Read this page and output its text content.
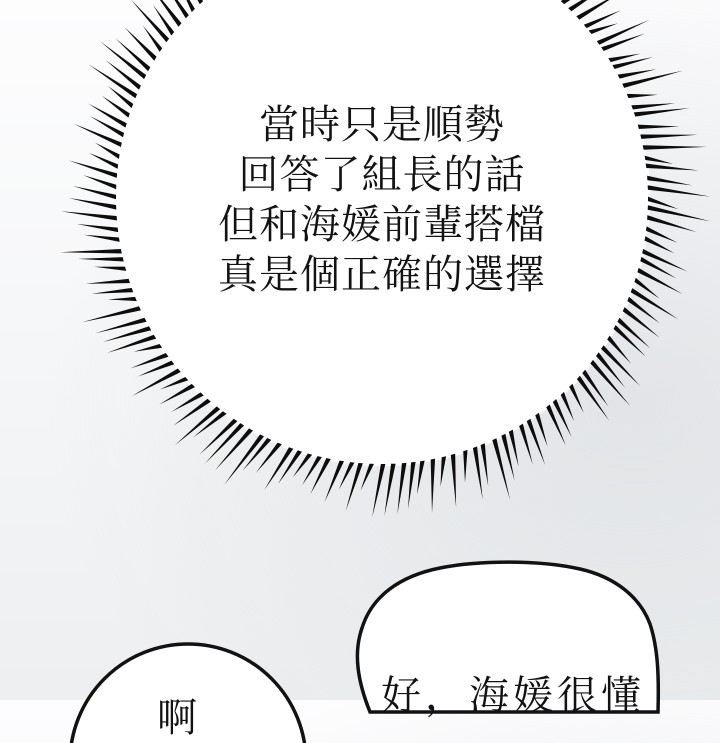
當時只是順勢
回答了組長的話
但和海媛前輩搭檔
真是個正確的選擇
啊	好，海媛很懂
